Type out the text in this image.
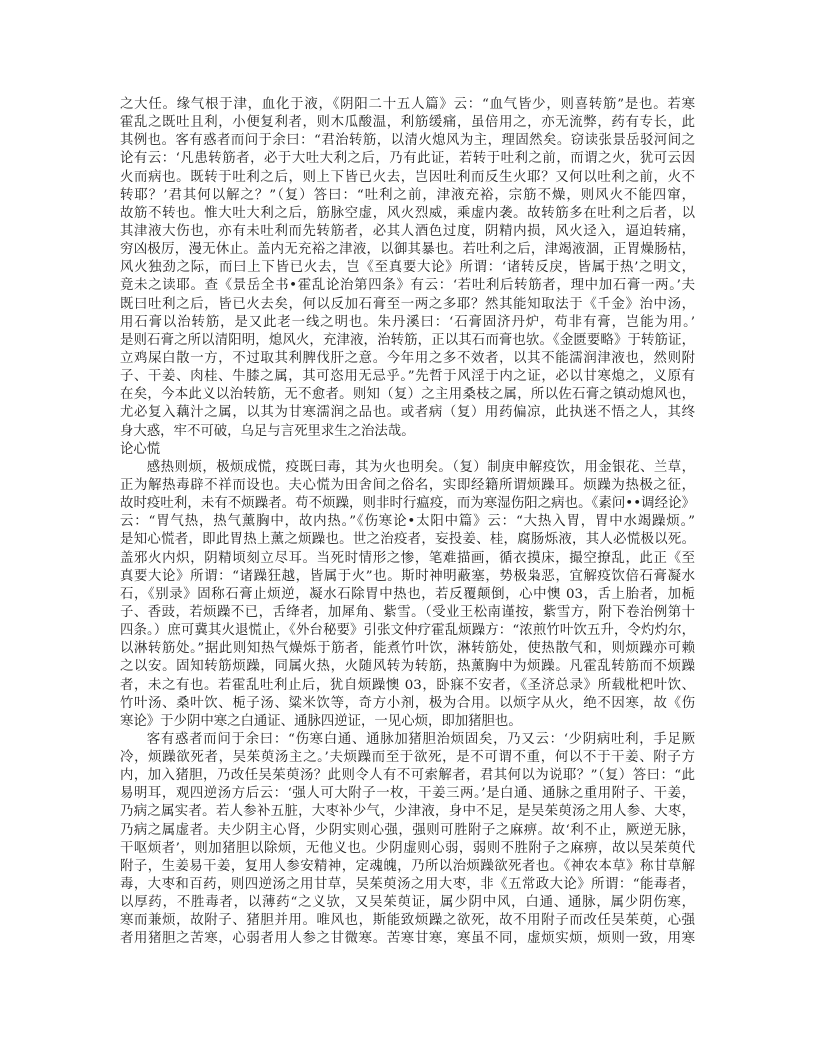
之大任。缘气根于津，血化于液，《阴阳二十五人篇》云：“血气皆少，则喜转筋”是也。若寒
霍乱之既吐且利，小便复利者，则木瓜酸温，利筋缓痛，虽倍用之，亦无流弊，药有专长，此
其例也。客有惑者而问于余曰：“君治转筋，以清火熄风为主，理固然矣。窃读张景岳驳河间之
论有云：‘凡患转筋者，必于大吐大利之后，乃有此证，若转于吐利之前，而谓之火，犹可云因
火而病也。既转于吐利之后，则上下皆已火去，岂因吐利而反生火耶？又何以吐利之前，火不
转耶？’君其何以解之？”（复）答曰：“吐利之前，津液充裕，宗筋不燥，则风火不能四窜，
故筋不转也。惟大吐大利之后，筋脉空虚，风火烈威，乘虚内袭。故转筋多在吐利之后者，以
其津液大伤也，亦有未吐利而先转筋者，必其人酒色过度，阴精内损，风火迳入，逼迫转痛，
穷凶极厉，漫无休止。盖内无充裕之津液，以御其暴也。若吐利之后，津竭液涸，正胃燥肠枯，
风火独劲之际，而曰上下皆已火去，岂《至真要大论》所谓：‘诸转反戾，皆属于热’之明文，
竟未之读耶。查《景岳全书•霍乱论治第四条》有云：‘若吐利后转筋者，理中加石膏一两。’夫
既曰吐利之后，皆已火去矣，何以反加石膏至一两之多耶？然其能知取法于《千金》治中汤，
用石膏以治转筋，是又此老一线之明也。朱丹溪曰：‘石膏固济丹炉，苟非有膏，岂能为用。’
是则石膏之所以清阳明，熄风火，充津液，治转筋，正以其石而膏也欤。《金匮要略》于转筋证，
立鸡屎白散一方，不过取其利脾伐肝之意。今年用之多不效者，以其不能濡润津液也，然则附
子、干姜、肉桂、牛膝之属，其可恣用无忌乎。”先哲于风淫于内之证，必以甘寒熄之，义原有
在矣，今本此义以治转筋，无不愈者。则知（复）之主用桑枝之属，所以佐石膏之镇动熄风也，
尤必复入藕汁之属，以其为甘寒濡润之品也。或者病（复）用药偏凉，此执迷不悟之人，其终
身大惑，牢不可破，乌足与言死里求生之治法哉。
论心慌
感热则烦，极烦成慌，疫既曰毒，其为火也明矣。（复）制庚申解疫饮，用金银花、兰草，
正为解热毒辟不祥而设也。夫心慌为田舍间之俗名，实即经籍所谓烦躁耳。烦躁为热极之征，
故时疫吐利，未有不烦躁者。苟不烦躁，则非时行瘟疫，而为寒湿伤阳之病也。《素问••调经论》
云：“胃气热，热气薰胸中，故内热。”《伤寒论•太阳中篇》云：“大热入胃，胃中水竭躁烦。”
是知心慌者，即此胃热上薰之烦躁也。世之治疫者，妄投姜、桂，腐肠烁液，其人必慌极以死。
盖邪火内炽，阴精顷刻立尽耳。当死时情形之惨，笔难描画，循衣摸床，撮空撩乱，此正《至
真要大论》所谓：“诸躁狂越，皆属于火”也。斯时神明蔽塞，势极枭恶，宜解疫饮倍石膏凝水
石，《别录》固称石膏止烦逆，凝水石除胃中热也，若反覆颠倒，心中懊 03，舌上胎者，加栀
子、香豉，若烦躁不已，舌绛者，加犀角、紫雪。（受业王松南谨按，紫雪方，附下卷治例第十
四条。）庶可冀其火退慌止，《外台秘要》引张文仲疗霍乱烦躁方：“浓煎竹叶饮五升，令灼灼尔，
以淋转筋处。”据此则知热气燥烁于筋者，能煮竹叶饮，淋转筋处，使热散气和，则烦躁亦可赖
之以安。固知转筋烦躁，同属火热，火随风转为转筋，热薰胸中为烦躁。凡霍乱转筋而不烦躁
者，未之有也。若霍乱吐利止后，犹自烦躁懊 03，卧寐不安者，《圣济总录》所载枇杷叶饮、
竹叶汤、桑叶饮、栀子汤、粱米饮等，奇方小剂，极为合用。以烦字从火，绝不因寒，故《伤
寒论》于少阴中寒之白通证、通脉四逆证，一见心烦，即加猪胆也。
客有惑者而问于余曰：“伤寒白通、通脉加猪胆治烦固矣，乃又云：‘少阴病吐利，手足厥
冷，烦躁欲死者，吴茱萸汤主之。’夫烦躁而至于欲死，是不可谓不重，何以不于干姜、附子方
内，加入猪胆，乃改任吴茱萸汤？此则令人有不可索解者，君其何以为说耶？”（复）答曰：“此
易明耳，观四逆汤方后云：‘强人可大附子一枚，干姜三两。’是白通、通脉之重用附子、干姜，
乃病之属实者。若人参补五脏，大枣补少气，少津液，身中不足，是吴茱萸汤之用人参、大枣，
乃病之属虚者。夫少阴主心肾，少阴实则心强，强则可胜附子之麻痹。故‘利不止，厥逆无脉，
干呕烦者’，则加猪胆以除烦，无他义也。少阴虚则心弱，弱则不胜附子之麻痹，故以吴茱萸代
附子，生姜易干姜，复用人参安精神，定魂魄，乃所以治烦躁欲死者也。《神农本草》称甘草解
毒，大枣和百药，则四逆汤之用甘草，吴茱萸汤之用大枣，非《五常政大论》所谓：“能毒者，
以厚药，不胜毒者，以薄药“之义欤，又吴茱萸证，属少阴中风，白通、通脉，属少阴伤寒，
寒而兼烦，故附子、猪胆并用。唯风也，斯能致烦躁之欲死，故不用附子而改任吴茱萸，心强
者用猪胆之苦寒，心弱者用人参之甘微寒。苦寒甘寒，寒虽不同，虚烦实烦，烦则一致，用寒
